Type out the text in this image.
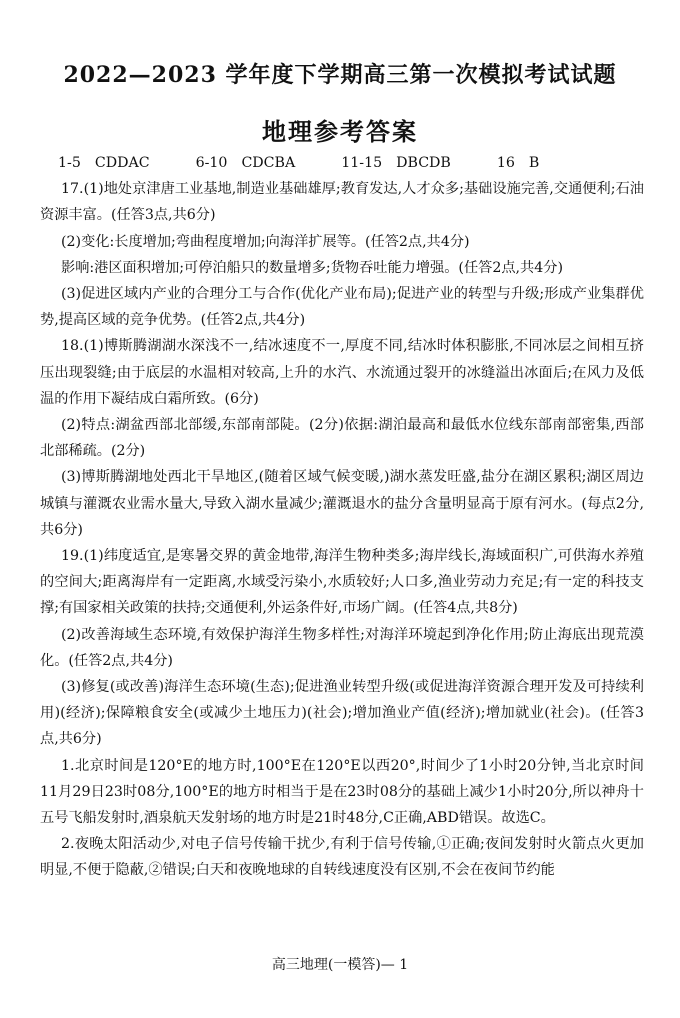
2022—2023 学年度下学期高三第一次模拟考试试题
地理参考答案
1-5 CDDAC	6-10 CDCBA	11-15 DBCDB	16 B

17.(1)地处京津唐工业基地,制造业基础雄厚;教育发达,人才众多;基础设施完善,交通便利;石油资源丰富。(任答3点,共6分)

(2)变化:长度增加;弯曲程度增加;向海洋扩展等。(任答2点,共4分)

影响:港区面积增加;可停泊船只的数量增多;货物吞吐能力增强。(任答2点,共4分)

(3)促进区域内产业的合理分工与合作(优化产业布局);促进产业的转型与升级;形成产业集群优势,提高区域的竞争优势。(任答2点,共4分)

18.(1)博斯腾湖湖水深浅不一,结冰速度不一,厚度不同,结冰时体积膨胀,不同冰层之间相互挤压出现裂缝;由于底层的水温相对较高,上升的水汽、水流通过裂开的冰缝溢出冰面后;在风力及低温的作用下凝结成白霜所致。(6分)

(2)特点:湖盆西部北部缓,东部南部陡。(2分)依据:湖泊最高和最低水位线东部南部密集,西部北部稀疏。(2分)

(3)博斯腾湖地处西北干旱地区,(随着区域气候变暖,)湖水蒸发旺盛,盐分在湖区累积;湖区周边城镇与灌溉农业需水量大,导致入湖水量减少;灌溉退水的盐分含量明显高于原有河水。(每点2分,共6分)

19.(1)纬度适宜,是寒暑交界的黄金地带,海洋生物种类多;海岸线长,海域面积广,可供海水养殖的空间大;距离海岸有一定距离,水域受污染小,水质较好;人口多,渔业劳动力充足;有一定的科技支撑;有国家相关政策的扶持;交通便利,外运条件好,市场广阔。(任答4点,共8分)

(2)改善海域生态环境,有效保护海洋生物多样性;对海洋环境起到净化作用;防止海底出现荒漠化。(任答2点,共4分)

(3)修复(或改善)海洋生态环境(生态);促进渔业转型升级(或促进海洋资源合理开发及可持续利用)(经济);保障粮食安全(或减少土地压力)(社会);增加渔业产值(经济);增加就业(社会)。(任答3点,共6分)

1.北京时间是120°E的地方时,100°E在120°E以西20°,时间少了1小时20分钟,当北京时间11月29日23时08分,100°E的地方时相当于是在23时08分的基础上减少1小时20分,所以神舟十五号飞船发射时,酒泉航天发射场的地方时是21时48分,C正确,ABD错误。故选C。

2.夜晚太阳活动少,对电子信号传输干扰少,有利于信号传输,①正确;夜间发射时火箭点火更加明显,不便于隐蔽,②错误;白天和夜晚地球的自转线速度没有区别,不会在夜间节约能

高三地理(一模答)— 1
